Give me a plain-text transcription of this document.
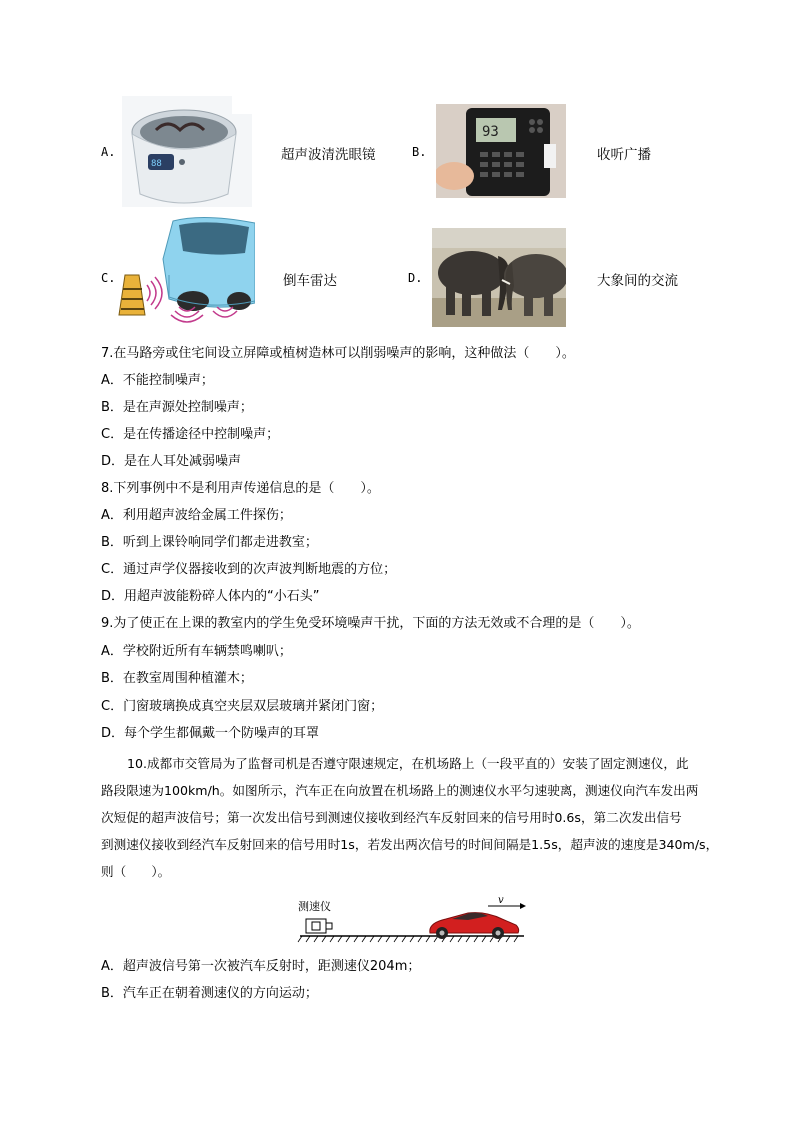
A.
88
超声波清洗眼镜	B.
93
收听广播
C.	倒车雷达	D.	大象间的交流
7.在马路旁或住宅间设立屏障或植树造林可以削弱噪声的影响，这种做法（　　）。
A．不能控制噪声；
B．是在声源处控制噪声；
C．是在传播途径中控制噪声；
D．是在人耳处减弱噪声
8.下列事例中不是利用声传递信息的是（　　）。
A．利用超声波给金属工件探伤；
B．听到上课铃响同学们都走进教室；
C．通过声学仪器接收到的次声波判断地震的方位；
D．用超声波能粉碎人体内的“小石头”
9.为了使正在上课的教室内的学生免受环境噪声干扰，下面的方法无效或不合理的是（　　）。
A．学校附近所有车辆禁鸣喇叭；
B．在教室周围种植灌木；
C．门窗玻璃换成真空夹层双层玻璃并紧闭门窗；
D．每个学生都佩戴一个防噪声的耳罩
10.成都市交管局为了监督司机是否遵守限速规定，在机场路上（一段平直的）安装了固定测速仪，此
路段限速为100km/h。如图所示，汽车正在向放置在机场路上的测速仪水平匀速驶离，测速仪向汽车发出两
次短促的超声波信号；第一次发出信号到测速仪接收到经汽车反射回来的信号用时0.6s，第二次发出信号
到测速仪接收到经汽车反射回来的信号用时1s，若发出两次信号的时间间隔是1.5s，超声波的速度是340m/s，
则（　　）。
测速仪	v
A．超声波信号第一次被汽车反射时，距测速仪204m；
B．汽车正在朝着测速仪的方向运动；
